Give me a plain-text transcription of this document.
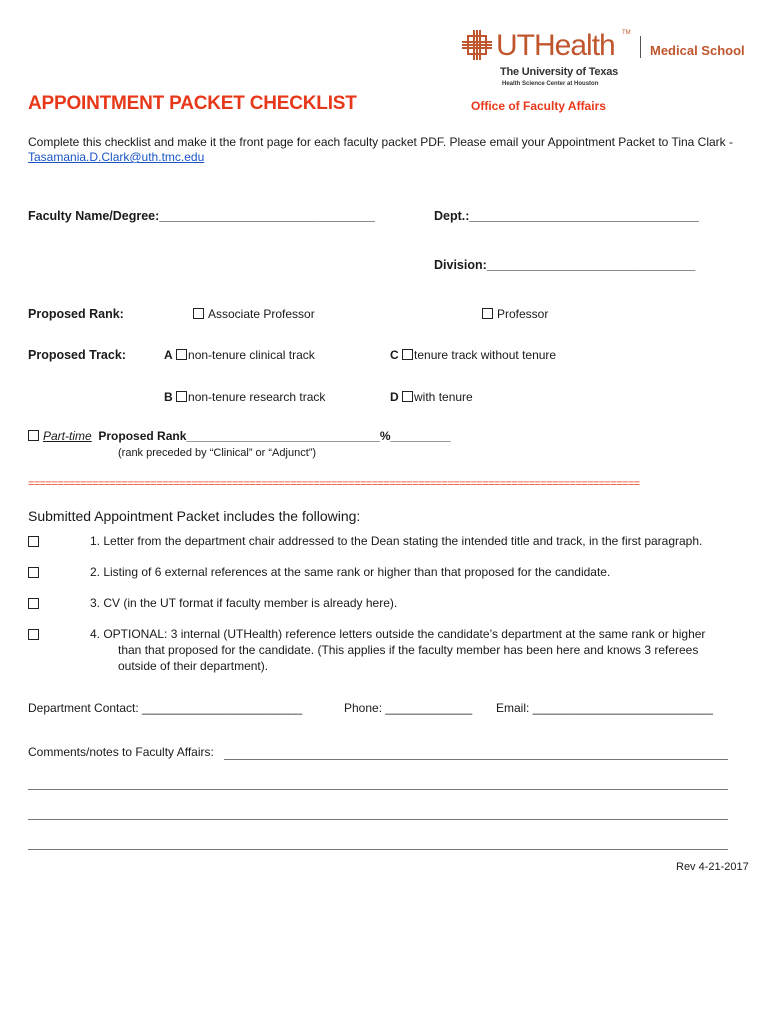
UTHealth TM
Medical School
The University of Texas
Health Science Center at Houston
APPOINTMENT PACKET CHECKLIST	Office of Faculty Affairs
Complete this checklist and make it the front page for each faculty packet PDF. Please email your Appointment Packet to Tina Clark - Tasamania.D.Clark@uth.tmc.edu
Faculty Name/Degree:_______________________________	Dept.:_________________________________
Division:______________________________
Proposed Rank:	Associate Professor	Professor
Proposed Track:	A non-tenure clinical track	C tenure track without tenure
B non-tenure research track	D with tenure
Part-time Proposed Rank_____________________________%_________
(rank preceded by “Clinical” or “Adjunct”)
=========================================================================================================
Submitted Appointment Packet includes the following:
1. Letter from the department chair addressed to the Dean stating the intended title and track, in the first paragraph.
2. Listing of 6 external references at the same rank or higher than that proposed for the candidate.
3. CV (in the UT format if faculty member is already here).
4. OPTIONAL: 3 internal (UTHealth) reference letters outside the candidate’s department at the same rank or higher
than that proposed for the candidate. (This applies if the faculty member has been here and knows 3 referees
outside of their department).
Department Contact: ________________________	Phone: _____________ Email: ___________________________
Comments/notes to Faculty Affairs:
Rev 4-21-2017
